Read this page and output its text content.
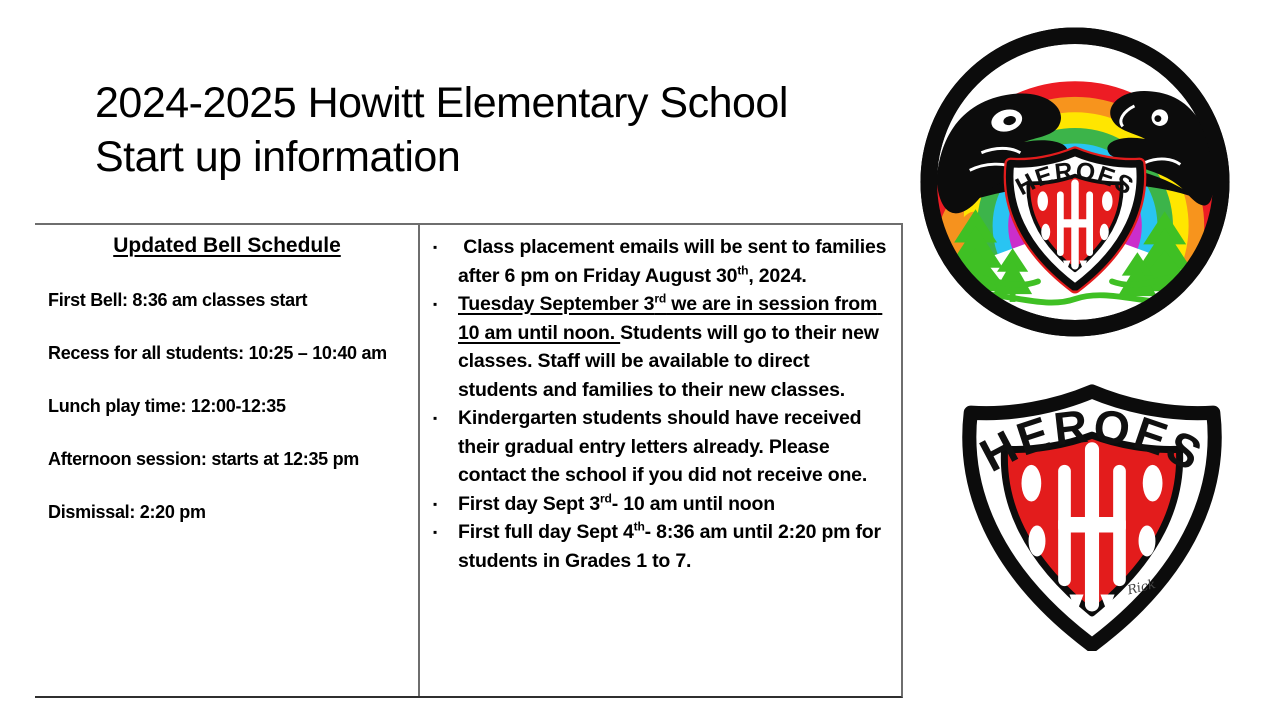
2024-2025 Howitt Elementary School Start up information
Updated Bell Schedule
First Bell: 8:36 am classes start
Recess for all students: 10:25 – 10:40 am
Lunch play time: 12:00-12:35
Afternoon session: starts at 12:35 pm
Dismissal: 2:20 pm
▪	Class placement emails will be sent to families after 6 pm on Friday August 30th, 2024.
▪	Tuesday September 3rd we are in session from 10 am until noon. Students will go to their new classes. Staff will be available to direct students and families to their new classes.
▪	Kindergarten students should have received their gradual entry letters already. Please contact the school if you did not receive one.
▪	First day Sept 3rd- 10 am until noon
▪	First full day Sept 4th- 8:36 am until 2:20 pm for students in Grades 1 to 7.
Rick
